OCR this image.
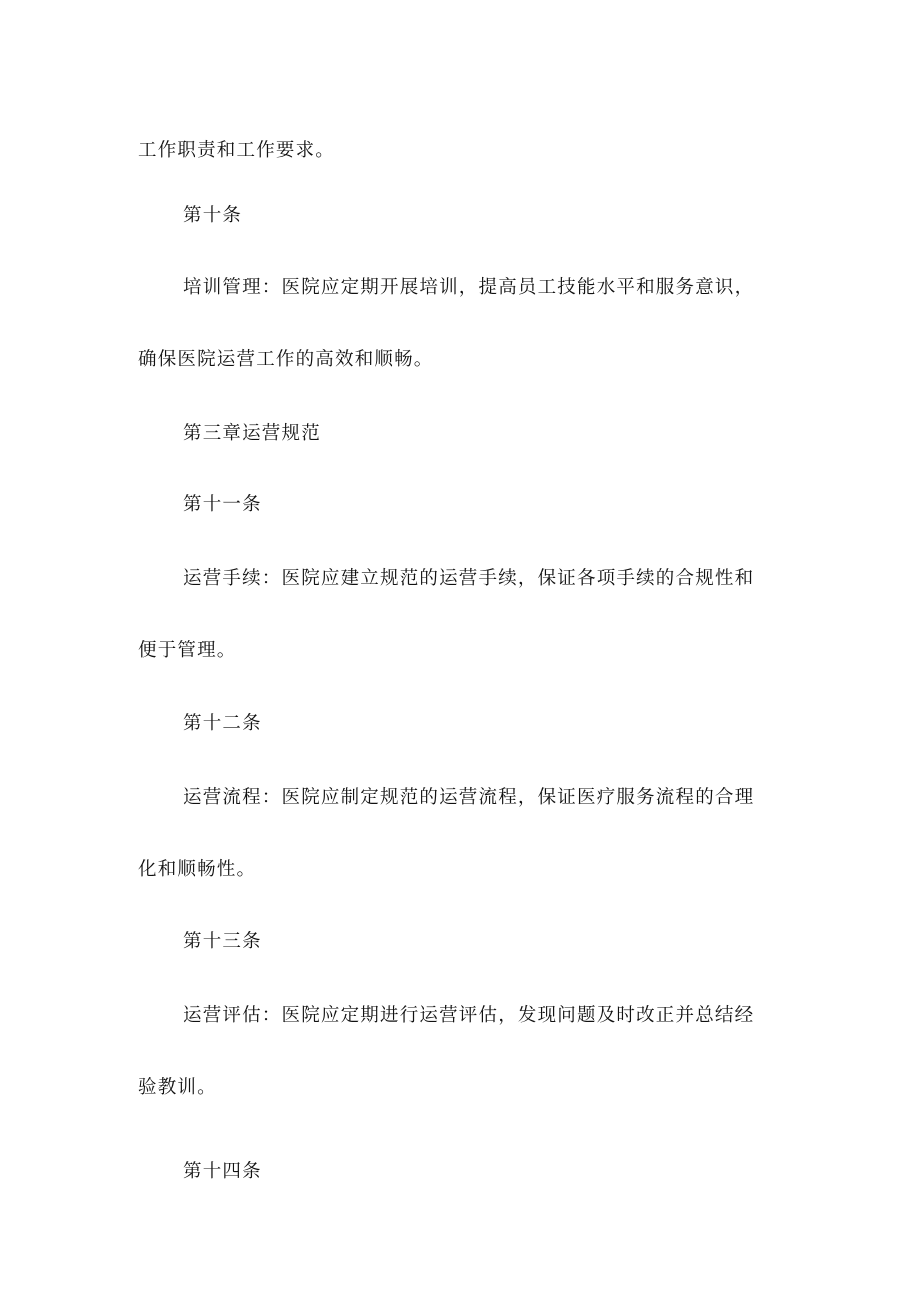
工作职责和工作要求。
第十条
培训管理：医院应定期开展培训，提高员工技能水平和服务意识，
确保医院运营工作的高效和顺畅。
第三章运营规范
第十一条
运营手续：医院应建立规范的运营手续，保证各项手续的合规性和
便于管理。
第十二条
运营流程：医院应制定规范的运营流程，保证医疗服务流程的合理
化和顺畅性。
第十三条
运营评估：医院应定期进行运营评估，发现问题及时改正并总结经
验教训。
第十四条
